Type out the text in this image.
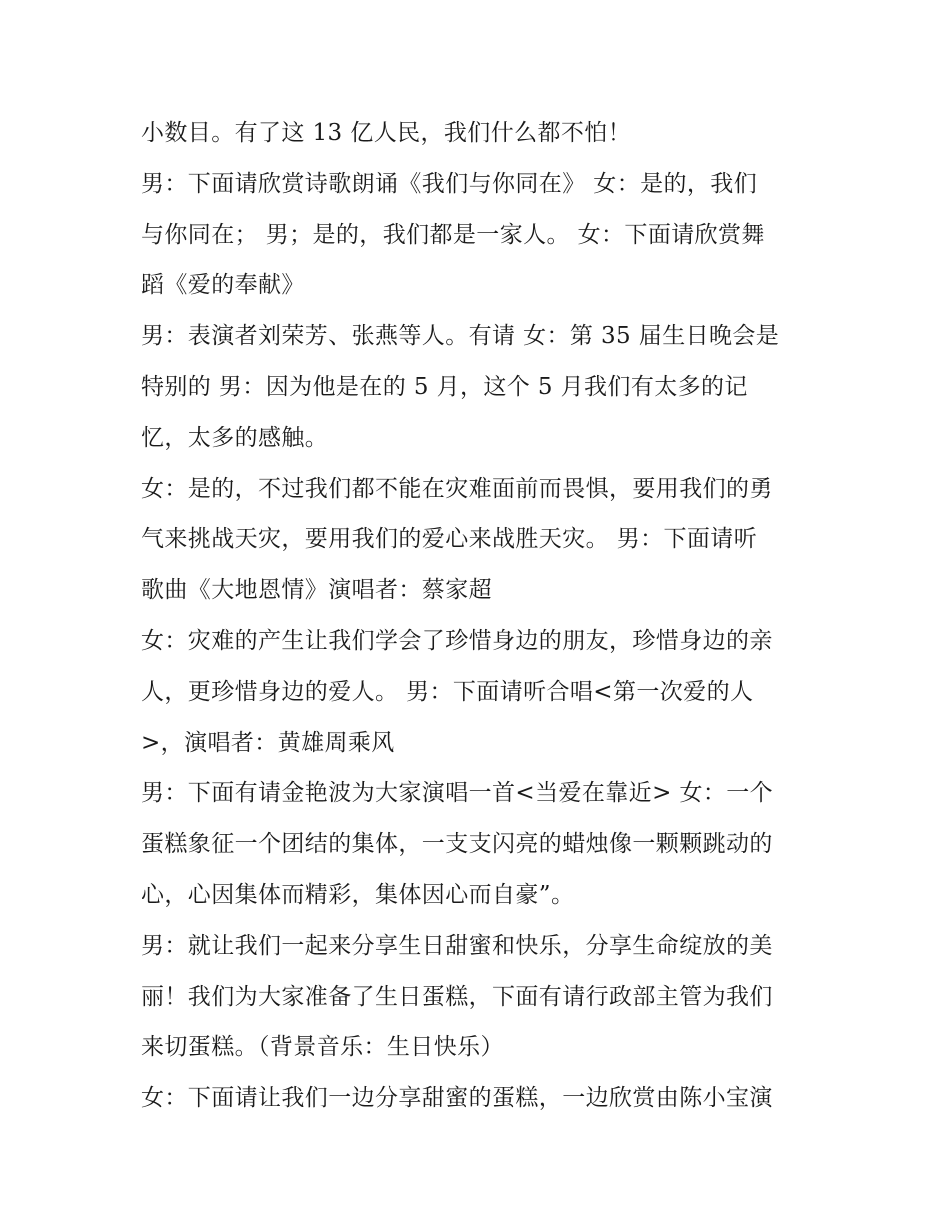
小数目。有了这 13 亿人民，我们什么都不怕！
男：下面请欣赏诗歌朗诵《我们与你同在》 女：是的，我们
与你同在； 男；是的，我们都是一家人。 女：下面请欣赏舞
蹈《爱的奉献》
男：表演者刘荣芳、张燕等人。有请 女：第 35 届生日晚会是
特别的 男：因为他是在的 5 月，这个 5 月我们有太多的记
忆，太多的感触。
女：是的，不过我们都不能在灾难面前而畏惧，要用我们的勇
气来挑战天灾，要用我们的爱心来战胜天灾。 男：下面请听
歌曲《大地恩情》演唱者：蔡家超
女：灾难的产生让我们学会了珍惜身边的朋友，珍惜身边的亲
人，更珍惜身边的爱人。 男：下面请听合唱<第一次爱的人
>，演唱者：黄雄周乘风
男：下面有请金艳波为大家演唱一首<当爱在靠近> 女：一个
蛋糕象征一个团结的集体，一支支闪亮的蜡烛像一颗颗跳动的
心，心因集体而精彩，集体因心而自豪”。
男：就让我们一起来分享生日甜蜜和快乐，分享生命绽放的美
丽！我们为大家准备了生日蛋糕，下面有请行政部主管为我们
来切蛋糕。（背景音乐：生日快乐）
女：下面请让我们一边分享甜蜜的蛋糕，一边欣赏由陈小宝演
